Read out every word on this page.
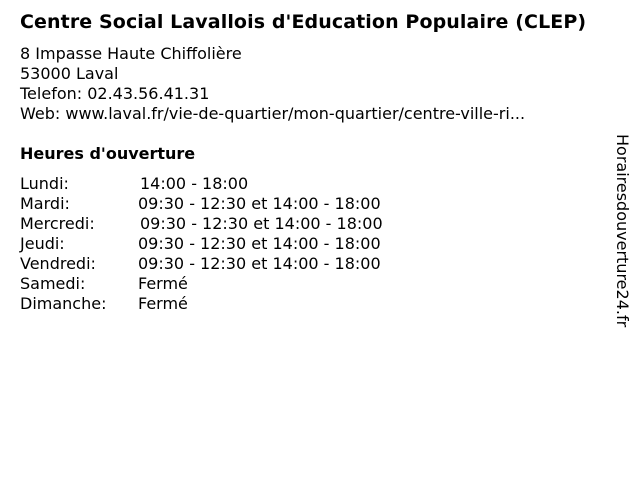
Centre Social Lavallois d'Education Populaire (CLEP)
8 Impasse Haute Chiffolière
53000 Laval
Telefon: 02.43.56.41.31
Web: www.laval.fr/vie-de-quartier/mon-quartier/centre-ville-ri...
Heures d'ouverture
Lundi:	14:00 - 18:00
Mardi:	09:30 - 12:30 et 14:00 - 18:00
Mercredi:	09:30 - 12:30 et 14:00 - 18:00
Jeudi:	09:30 - 12:30 et 14:00 - 18:00
Vendredi:	09:30 - 12:30 et 14:00 - 18:00
Samedi:	Fermé
Dimanche: Fermé	Horairesdouverture24.fr
